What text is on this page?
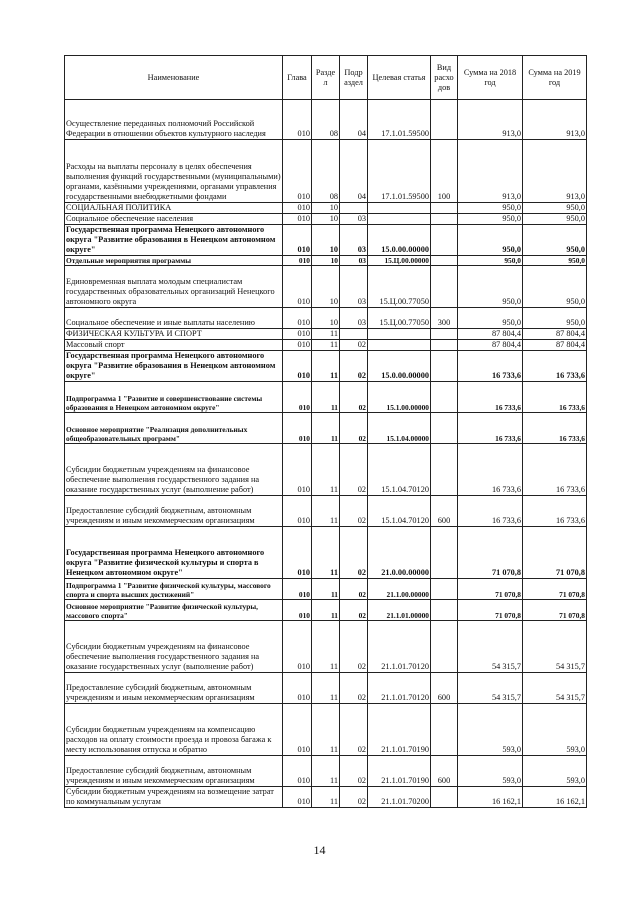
Наименование	Глава	Разде л	Подр аздел	Целевая статья	Вид расхо дов	Сумма на 2018 год	Сумма на 2019 год
Осуществление переданных полномочий Российской Федерации в отношении объектов культурного наследия	010	08	04	17.1.01.59500		913,0	913,0
Расходы на выплаты персоналу в целях обеспечения выполнения функций государственными (муниципальными) органами, казёнными учреждениями, органами управления государственными внебюджетными фондами	010	08	04	17.1.01.59500	100	913,0	913,0
СОЦИАЛЬНАЯ ПОЛИТИКА	010	10				950,0	950,0
Социальное обеспечение населения	010	10	03			950,0	950,0
Государственная программа Ненецкого автономного округа "Развитие образования в Ненецком автономном округе"	010	10	03	15.0.00.00000		950,0	950,0
Отдельные мероприятия программы	010	10	03	15.Ц.00.00000		950,0	950,0
Единовременная выплата молодым специалистам государственных образовательных организаций Ненецкого автономного округа	010	10	03	15.Ц.00.77050		950,0	950,0
Социальное обеспечение и иные выплаты населению	010	10	03	15.Ц.00.77050	300	950,0	950,0
ФИЗИЧЕСКАЯ КУЛЬТУРА И СПОРТ	010	11				87 804,4	87 804,4
Массовый спорт	010	11	02			87 804,4	87 804,4
Государственная программа Ненецкого автономного округа "Развитие образования в Ненецком автономном округе"	010	11	02	15.0.00.00000		16 733,6	16 733,6
Подпрограмма 1 "Развитие и совершенствование системы образования в Ненецком автономном округе"	010	11	02	15.1.00.00000		16 733,6	16 733,6
Основное мероприятие "Реализация дополнительных общеобразовательных программ"	010	11	02	15.1.04.00000		16 733,6	16 733,6
Субсидии бюджетным учреждениям на финансовое обеспечение выполнения государственного задания на оказание государственных услуг (выполнение работ)	010	11	02	15.1.04.70120		16 733,6	16 733,6
Предоставление субсидий бюджетным, автономным учреждениям и иным некоммерческим организациям	010	11	02	15.1.04.70120	600	16 733,6	16 733,6
Государственная программа Ненецкого автономного округа "Развитие физической культуры и спорта в Ненецком автономном округе"	010	11	02	21.0.00.00000		71 070,8	71 070,8
Подпрограмма 1 "Развитие физической культуры, массового спорта и спорта высших достижений"	010	11	02	21.1.00.00000		71 070,8	71 070,8
Основное мероприятие "Развитие физической культуры, массового спорта"	010	11	02	21.1.01.00000		71 070,8	71 070,8
Субсидии бюджетным учреждениям на финансовое обеспечение выполнения государственного задания на оказание государственных услуг (выполнение работ)	010	11	02	21.1.01.70120		54 315,7	54 315,7
Предоставление субсидий бюджетным, автономным учреждениям и иным некоммерческим организациям	010	11	02	21.1.01.70120	600	54 315,7	54 315,7
Субсидии бюджетным учреждениям на компенсацию расходов на оплату стоимости проезда и провоза багажа к месту использования отпуска и обратно	010	11	02	21.1.01.70190		593,0	593,0
Предоставление субсидий бюджетным, автономным учреждениям и иным некоммерческим организациям	010	11	02	21.1.01.70190	600	593,0	593,0
Субсидии бюджетным учреждениям на возмещение затрат по коммунальным услугам	010	11	02	21.1.01.70200		16 162,1	16 162,1
14
